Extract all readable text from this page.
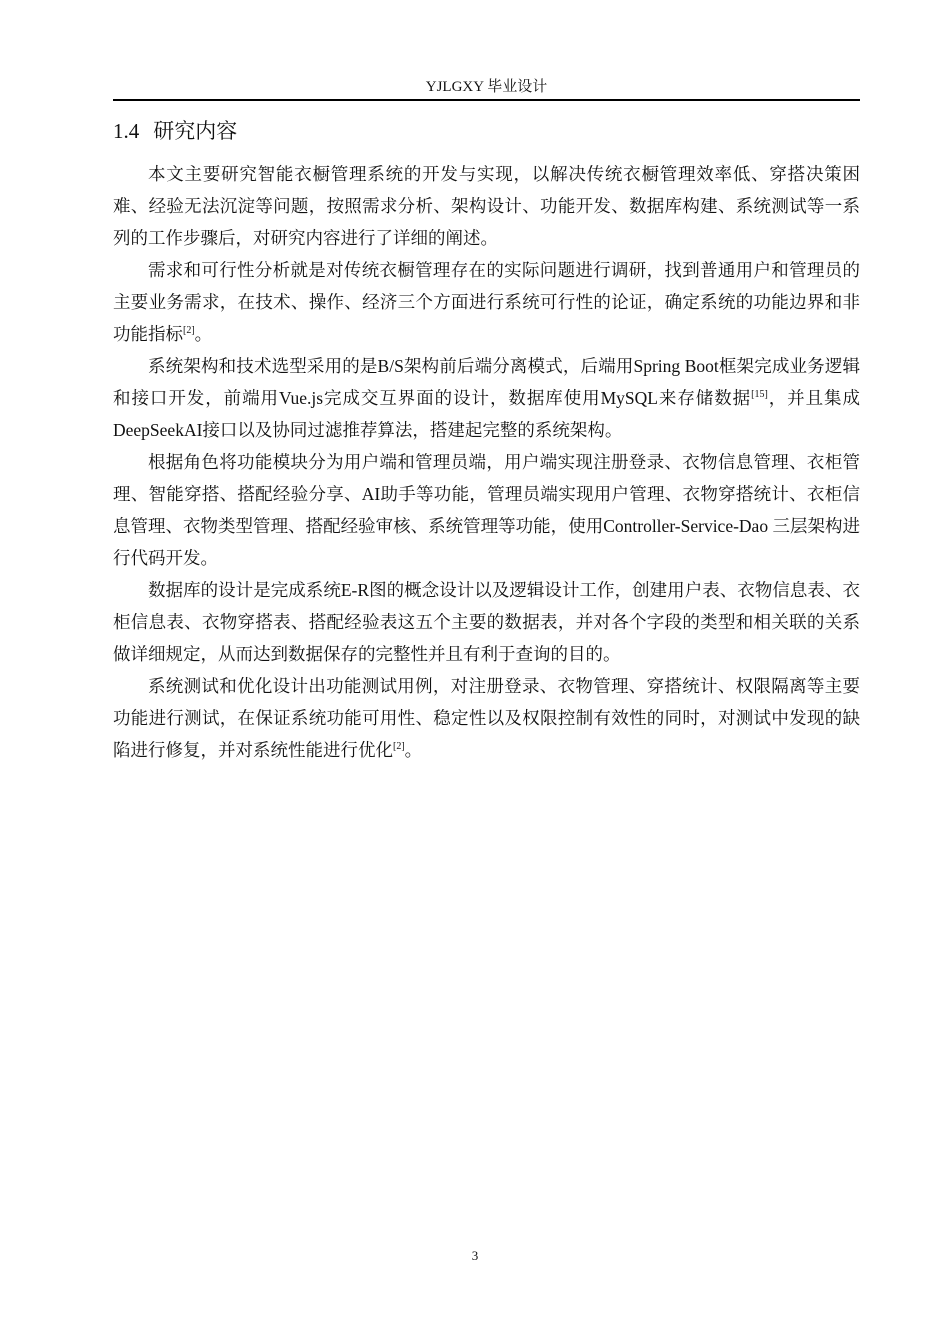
YJLGXY 毕业设计
1.4 研究内容

本文主要研究智能衣橱管理系统的开发与实现，以解决传统衣橱管理效率低、穿搭决策困难、经验无法沉淀等问题，按照需求分析、架构设计、功能开发、数据库构建、系统测试等一系列的工作步骤后，对研究内容进行了详细的阐述。

需求和可行性分析就是对传统衣橱管理存在的实际问题进行调研，找到普通用户和管理员的主要业务需求，在技术、操作、经济三个方面进行系统可行性的论证，确定系统的功能边界和非功能指标[2]。

系统架构和技术选型采用的是B/S架构前后端分离模式，后端用Spring Boot框架完成业务逻辑和接口开发，前端用Vue.js完成交互界面的设计，数据库使用MySQL来存储数据[15]，并且集成DeepSeekAI接口以及协同过滤推荐算法，搭建起完整的系统架构。

根据角色将功能模块分为用户端和管理员端，用户端实现注册登录、衣物信息管理、衣柜管理、智能穿搭、搭配经验分享、AI助手等功能，管理员端实现用户管理、衣物穿搭统计、衣柜信息管理、衣物类型管理、搭配经验审核、系统管理等功能，使用Controller-Service-Dao 三层架构进行代码开发。

数据库的设计是完成系统E-R图的概念设计以及逻辑设计工作，创建用户表、衣物信息表、衣柜信息表、衣物穿搭表、搭配经验表这五个主要的数据表，并对各个字段的类型和相关联的关系做详细规定，从而达到数据保存的完整性并且有利于查询的目的。

系统测试和优化设计出功能测试用例，对注册登录、衣物管理、穿搭统计、权限隔离等主要功能进行测试，在保证系统功能可用性、稳定性以及权限控制有效性的同时，对测试中发现的缺陷进行修复，并对系统性能进行优化[2]。

3
